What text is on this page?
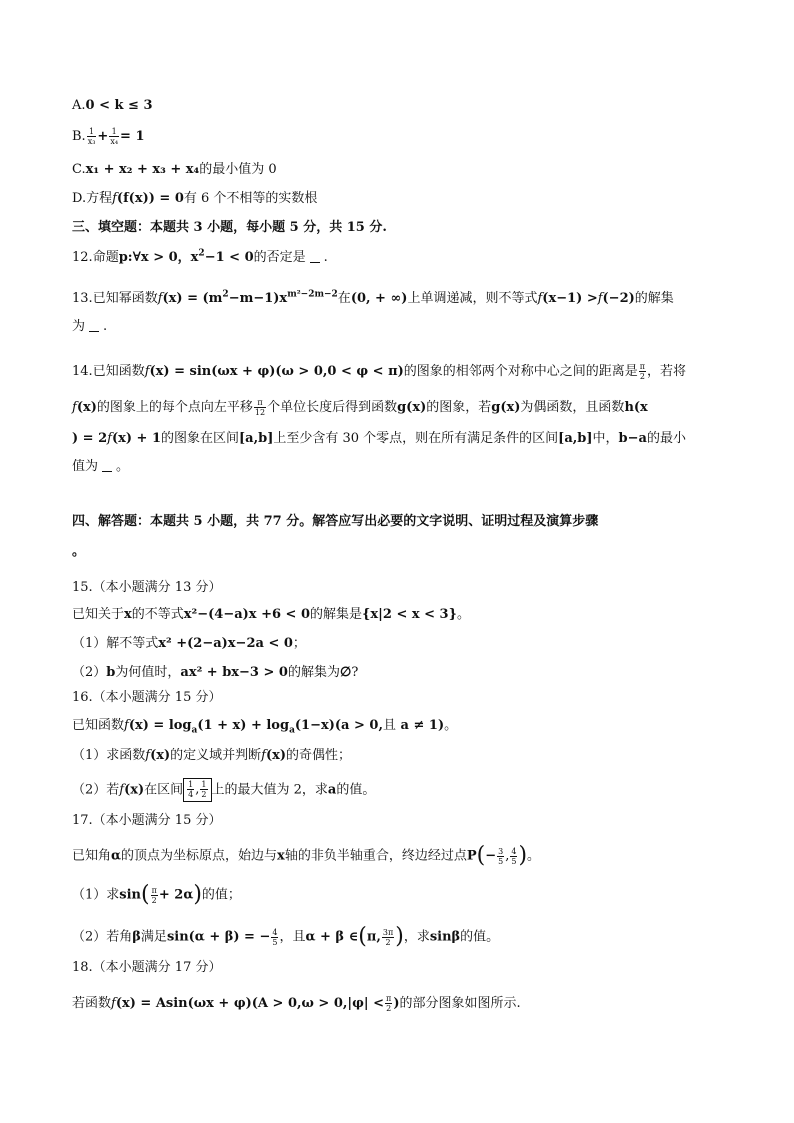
A.0 < k ≤ 3
B. $\frac{1}{\text{x₃}} + \frac{1}{\text{x₄}} = 1$
C.x₁ + x₂ + x₃ + x₄的最小值为 0
D.方程f(f(x)) = 0有 6 个不相等的实数根
三、填空题：本题共 3 小题，每小题 5 分，共 15 分.
12.命题p:∀x > 0，$x^2-1 < 0$的否定是 .
13.已知幂函数$f(x) = (m^2-m-1)x^{m^2-2m-2}$在(0, + ∞)上单调递减，则不等式f(x−1) >f(−2)的解集
为 .
14.已知函数f(x) = sin(ωx + φ)(ω > 0,0 < φ < π)的图象的相邻两个对称中心之间的距离是 $\frac{\pi}{2}$ ，若将
f(x)的图象上的每个点向左平移 $\frac{\pi}{12}$ 个单位长度后得到函数g(x)的图象，若g(x)为偶函数，且函数h(x
) = 2f(x) + 1的图象在区间[a,b]上至少含有 30 个零点，则在所有满足条件的区间[a,b]中，b−a的最小
值为 。
四、解答题：本题共 5 小题，共 77 分。解答应写出必要的文字说明、证明过程及演算步骤
。
15.（本小题满分 13 分）
已知关于x的不等式x²−(4−a)x +6 < 0的解集是{x|2 < x < 3}。
（1）解不等式x² +(2−a)x−2a < 0；
（2）b为何值时，ax² + bx−3 > 0的解集为∅?
16.（本小题满分 15 分）
已知函数$f(x) = \log_a(1 + x) + \log_a(1-x)(a > 0$,且 a ≠ 1)。
（1）求函数f(x)的定义域并判断f(x)的奇偶性；
（2）若f(x)在区间 $\frac{1}{4}$ , $\frac{1}{2}$ 上的最大值为 2，求a的值。
17.（本小题满分 15 分）
已知角α的顶点为坐标原点，始边与x轴的非负半轴重合，终边经过点$P(- \frac{3}{5}$ , $\frac{4}{5}$ )。
（1）求$\sin( \frac{\pi}{2} + 2\alpha)$的值；
（2）若角β满足sin(α + β) = − $\frac{4}{5}$ ，且α + β ∈(π, $\frac{3\pi}{2}$ )，求sinβ的值。
18.（本小题满分 17 分）
若函数$f(x) = Asin(\omega x + \varphi)(A > 0,\omega > 0,|\varphi| < \frac{\pi}{2}$ )的部分图象如图所示.
